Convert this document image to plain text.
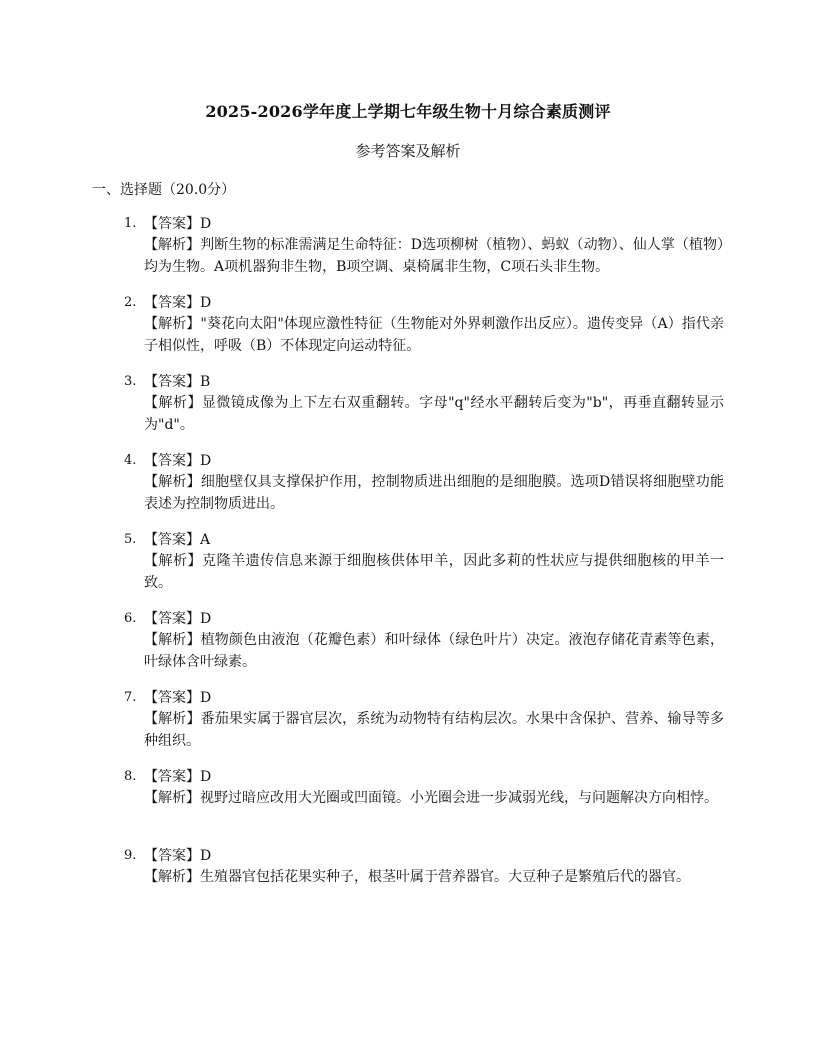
2025-2026学年度上学期七年级生物十月综合素质测评
参考答案及解析
一、选择题（20.0分）
1. 【答案】D
【解析】判断生物的标准需满足生命特征：D选项柳树（植物）、蚂蚁（动物）、仙人掌（植物）均为生物。A项机器狗非生物，B项空调、桌椅属非生物，C项石头非生物。
2. 【答案】D
【解析】"葵花向太阳"体现应激性特征（生物能对外界刺激作出反应）。遗传变异（A）指代亲子相似性，呼吸（B）不体现定向运动特征。
3. 【答案】B
【解析】显微镜成像为上下左右双重翻转。字母"q"经水平翻转后变为"b"，再垂直翻转显示为"d"。
4. 【答案】D
【解析】细胞壁仅具支撑保护作用，控制物质进出细胞的是细胞膜。选项D错误将细胞壁功能表述为控制物质进出。
5. 【答案】A
【解析】克隆羊遗传信息来源于细胞核供体甲羊，因此多莉的性状应与提供细胞核的甲羊一致。
6. 【答案】D
【解析】植物颜色由液泡（花瓣色素）和叶绿体（绿色叶片）决定。液泡存储花青素等色素，叶绿体含叶绿素。
7. 【答案】D
【解析】番茄果实属于器官层次，系统为动物特有结构层次。水果中含保护、营养、输导等多种组织。
8. 【答案】D
【解析】视野过暗应改用大光圈或凹面镜。小光圈会进一步减弱光线，与问题解决方向相悖。
9. 【答案】D
【解析】生殖器官包括花果实种子，根茎叶属于营养器官。大豆种子是繁殖后代的器官。
